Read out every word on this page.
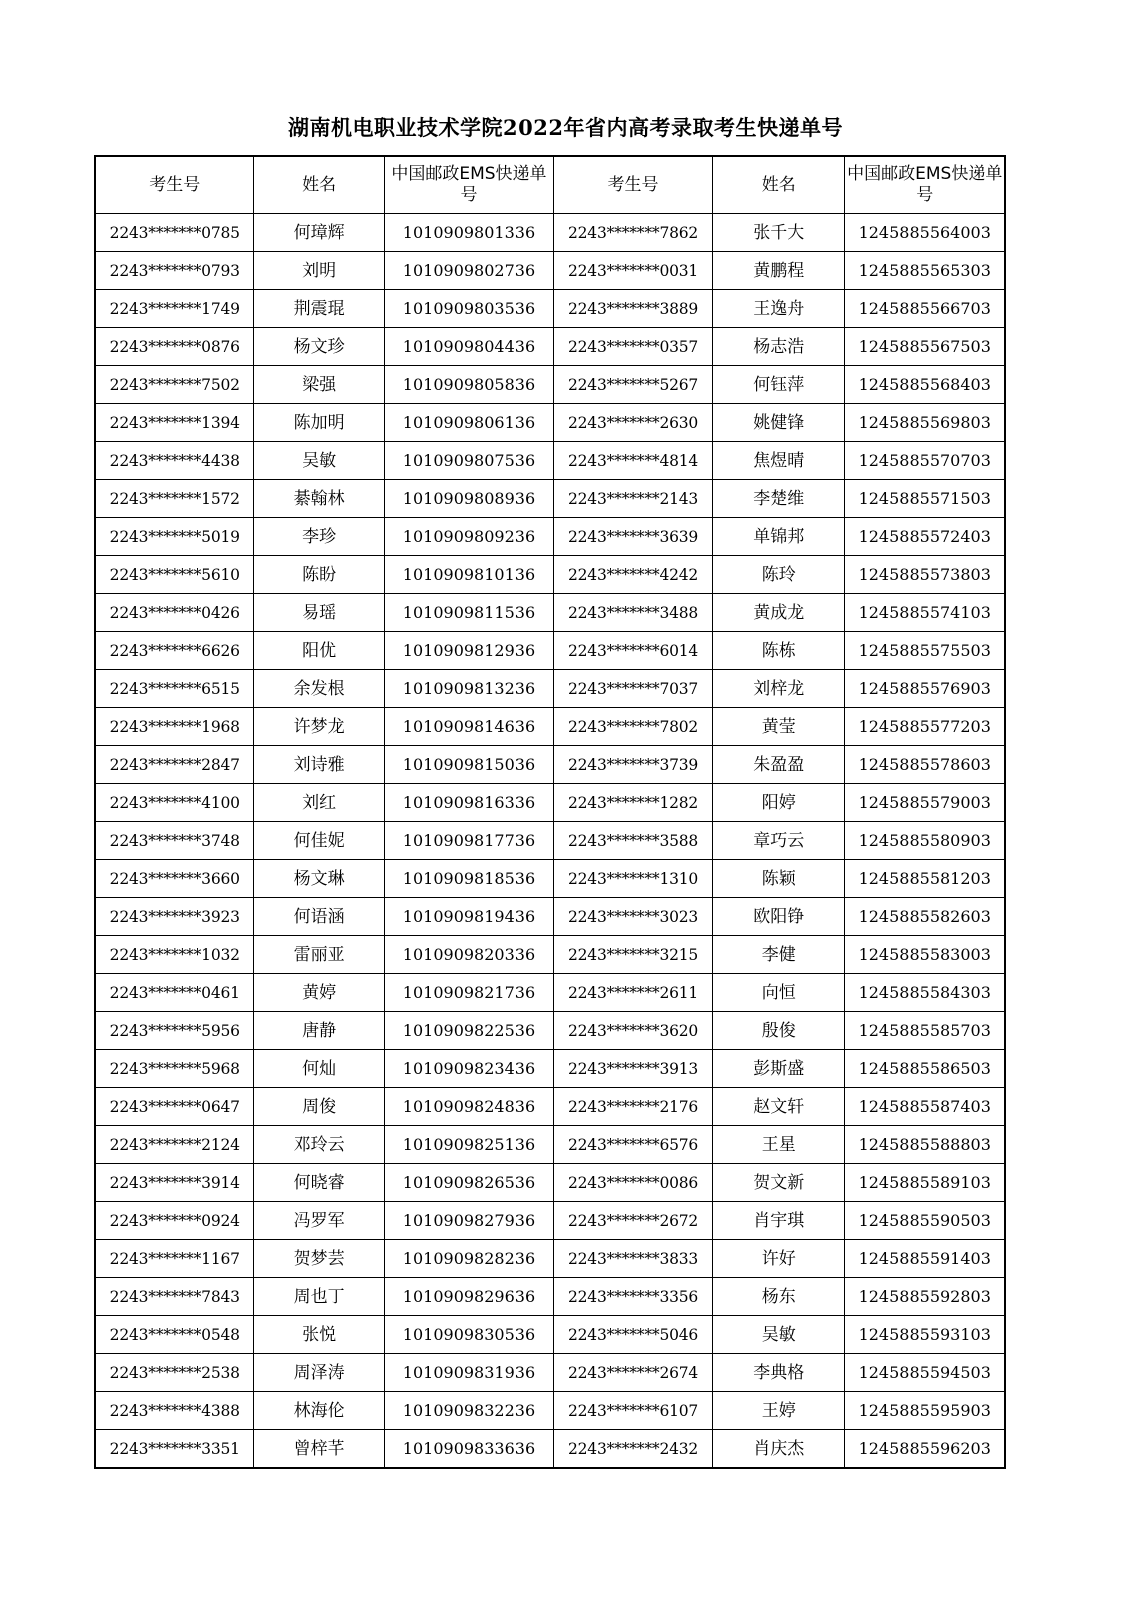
湖南机电职业技术学院2022年省内高考录取考生快递单号
考生号	姓名	中国邮政EMS快递单号	考生号	姓名	中国邮政EMS快递单号
2243*******0785	何璋辉	1010909801336	2243*******7862	张千大	1245885564003
2243*******0793	刘明	1010909802736	2243*******0031	黄鹏程	1245885565303
2243*******1749	荆震琨	1010909803536	2243*******3889	王逸舟	1245885566703
2243*******0876	杨文珍	1010909804436	2243*******0357	杨志浩	1245885567503
2243*******7502	梁强	1010909805836	2243*******5267	何钰萍	1245885568403
2243*******1394	陈加明	1010909806136	2243*******2630	姚健锋	1245885569803
2243*******4438	吴敏	1010909807536	2243*******4814	焦煜晴	1245885570703
2243*******1572	綦翰林	1010909808936	2243*******2143	李楚维	1245885571503
2243*******5019	李珍	1010909809236	2243*******3639	单锦邦	1245885572403
2243*******5610	陈盼	1010909810136	2243*******4242	陈玲	1245885573803
2243*******0426	易瑶	1010909811536	2243*******3488	黄成龙	1245885574103
2243*******6626	阳优	1010909812936	2243*******6014	陈栋	1245885575503
2243*******6515	余发根	1010909813236	2243*******7037	刘梓龙	1245885576903
2243*******1968	许梦龙	1010909814636	2243*******7802	黄莹	1245885577203
2243*******2847	刘诗雅	1010909815036	2243*******3739	朱盈盈	1245885578603
2243*******4100	刘红	1010909816336	2243*******1282	阳婷	1245885579003
2243*******3748	何佳妮	1010909817736	2243*******3588	章巧云	1245885580903
2243*******3660	杨文琳	1010909818536	2243*******1310	陈颖	1245885581203
2243*******3923	何语涵	1010909819436	2243*******3023	欧阳铮	1245885582603
2243*******1032	雷丽亚	1010909820336	2243*******3215	李健	1245885583003
2243*******0461	黄婷	1010909821736	2243*******2611	向恒	1245885584303
2243*******5956	唐静	1010909822536	2243*******3620	殷俊	1245885585703
2243*******5968	何灿	1010909823436	2243*******3913	彭斯盛	1245885586503
2243*******0647	周俊	1010909824836	2243*******2176	赵文轩	1245885587403
2243*******2124	邓玲云	1010909825136	2243*******6576	王星	1245885588803
2243*******3914	何晓睿	1010909826536	2243*******0086	贺文新	1245885589103
2243*******0924	冯罗军	1010909827936	2243*******2672	肖宇琪	1245885590503
2243*******1167	贺梦芸	1010909828236	2243*******3833	许好	1245885591403
2243*******7843	周也丁	1010909829636	2243*******3356	杨东	1245885592803
2243*******0548	张悦	1010909830536	2243*******5046	吴敏	1245885593103
2243*******2538	周泽涛	1010909831936	2243*******2674	李典格	1245885594503
2243*******4388	林海伦	1010909832236	2243*******6107	王婷	1245885595903
2243*******3351	曾梓芊	1010909833636	2243*******2432	肖庆杰	1245885596203
